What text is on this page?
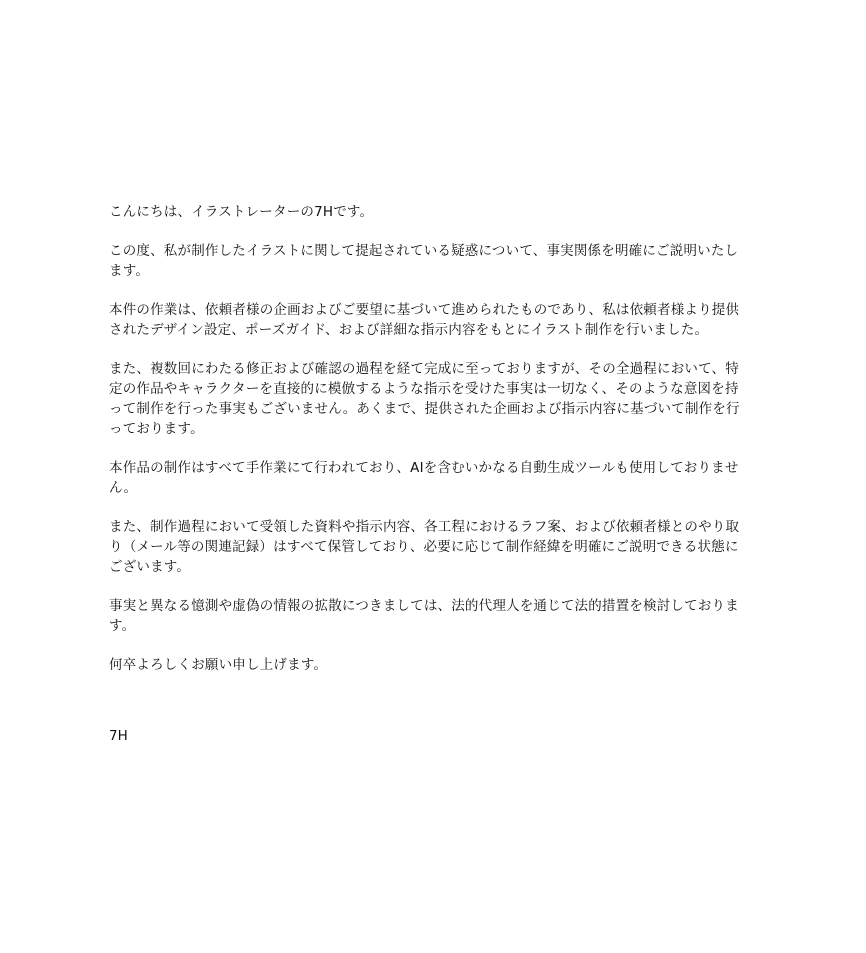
こんにちは、イラストレーターの7Hです。

この度、私が制作したイラストに関して提起されている疑惑について、事実関係を明確にご説明いたします。

本件の作業は、依頼者様の企画およびご要望に基づいて進められたものであり、私は依頼者様より提供されたデザイン設定、ポーズガイド、および詳細な指示内容をもとにイラスト制作を行いました。

また、複数回にわたる修正および確認の過程を経て完成に至っておりますが、その全過程において、特定の作品やキャラクターを直接的に模倣するような指示を受けた事実は一切なく、そのような意図を持って制作を行った事実もございません。あくまで、提供された企画および指示内容に基づいて制作を行っております。

本作品の制作はすべて手作業にて行われており、AIを含むいかなる自動生成ツールも使用しておりません。

また、制作過程において受領した資料や指示内容、各工程におけるラフ案、および依頼者様とのやり取り（メール等の関連記録）はすべて保管しており、必要に応じて制作経緯を明確にご説明できる状態にございます。

事実と異なる憶測や虚偽の情報の拡散につきましては、法的代理人を通じて法的措置を検討しております。

何卒よろしくお願い申し上げます。

7H
